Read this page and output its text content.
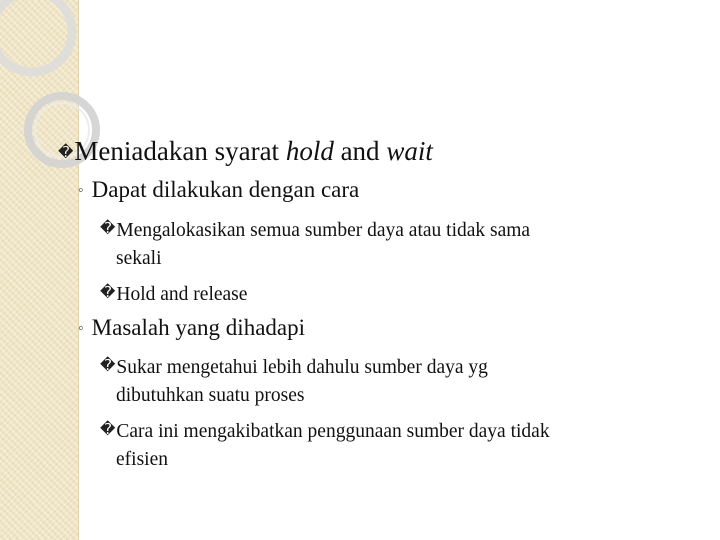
�Meniadakan syarat hold and wait
◦ Dapat dilakukan dengan cara
�Mengalokasikan semua sumber daya atau tidak sama
sekali
�Hold and release
◦ Masalah yang dihadapi
�Sukar mengetahui lebih dahulu sumber daya yg
dibutuhkan suatu proses
�Cara ini mengakibatkan penggunaan sumber daya tidak
efisien
